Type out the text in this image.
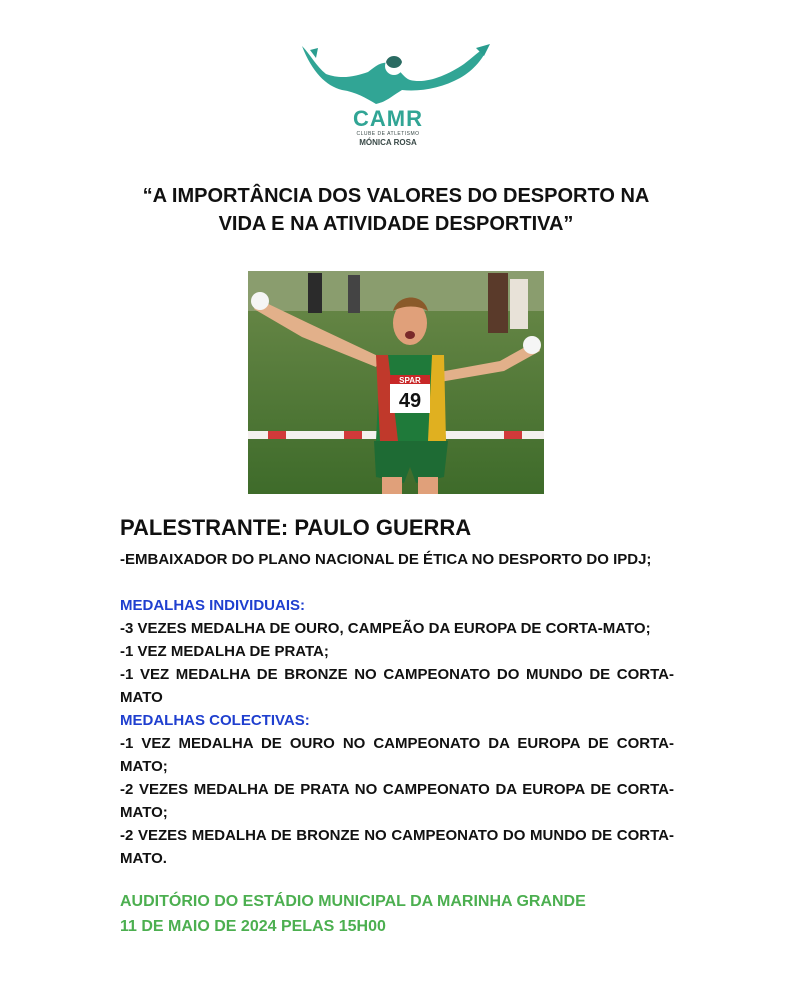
CAMR
CLUBE DE ATLETISMO
MÓNICA ROSA
“A IMPORTÂNCIA DOS VALORES DO DESPORTO NA
VIDA E NA ATIVIDADE DESPORTIVA”
SPAR
49
PALESTRANTE: PAULO GUERRA
-EMBAIXADOR DO PLANO NACIONAL DE ÉTICA NO DESPORTO DO IPDJ;
MEDALHAS INDIVIDUAIS:
-3 VEZES MEDALHA DE OURO, CAMPEÃO DA EUROPA DE CORTA-MATO;
-1 VEZ MEDALHA DE PRATA;
-1 VEZ MEDALHA DE BRONZE NO CAMPEONATO DO MUNDO DE CORTA-MATO
MEDALHAS COLECTIVAS:
-1 VEZ MEDALHA DE OURO NO CAMPEONATO DA EUROPA DE CORTA-MATO;
-2 VEZES MEDALHA DE PRATA NO CAMPEONATO DA EUROPA DE CORTA-MATO;
-2 VEZES MEDALHA DE BRONZE NO CAMPEONATO DO MUNDO DE CORTA-MATO.
AUDITÓRIO DO ESTÁDIO MUNICIPAL DA MARINHA GRANDE
11 DE MAIO DE 2024 PELAS 15H00
